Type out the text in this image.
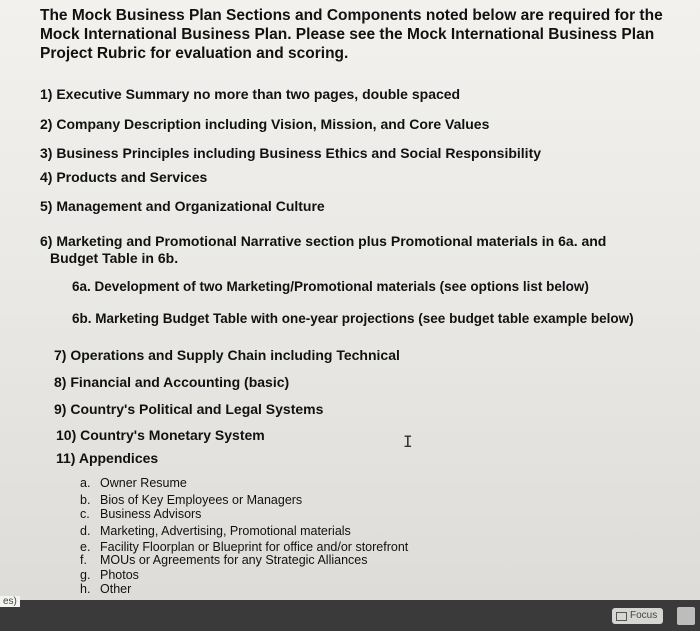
The Mock Business Plan Sections and Components noted below are required for the Mock International Business Plan. Please see the Mock International Business Plan Project Rubric for evaluation and scoring.

1) Executive Summary no more than two pages, double spaced
2) Company Description including Vision, Mission, and Core Values
3) Business Principles including Business Ethics and Social Responsibility
4) Products and Services
5) Management and Organizational Culture
6) Marketing and Promotional Narrative section plus Promotional materials in 6a. and
Budget Table in 6b.
6a. Development of two Marketing/Promotional materials (see options list below)
6b. Marketing Budget Table with one-year projections (see budget table example below)
7) Operations and Supply Chain including Technical
8) Financial and Accounting (basic)
9) Country's Political and Legal Systems
10) Country's Monetary System
11) Appendices
a. Owner Resume
b. Bios of Key Employees or Managers
c. Business Advisors
d. Marketing, Advertising, Promotional materials
e. Facility Floorplan or Blueprint for office and/or storefront
f. MOUs or Agreements for any Strategic Alliances
g. Photos
h. Other
I
es)
Focus
